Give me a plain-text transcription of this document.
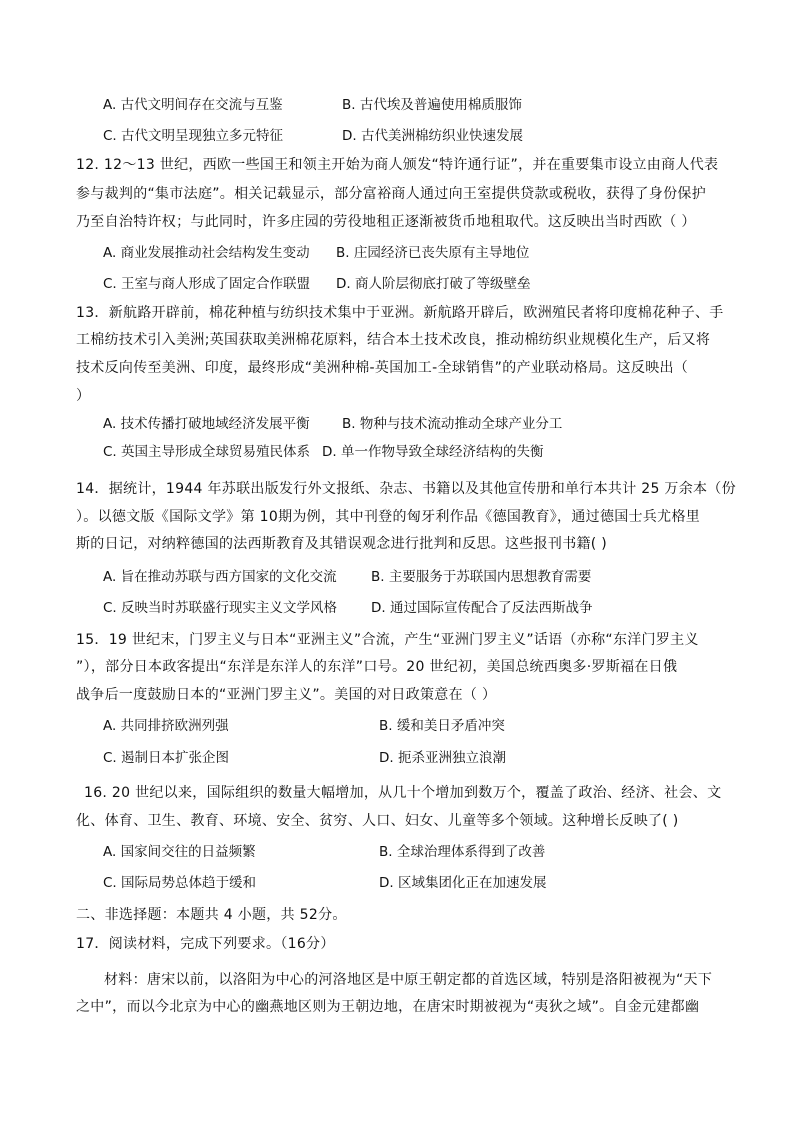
A. 古代文明间存在交流与互鉴	B. 古代埃及普遍使用棉质服饰
C. 古代文明呈现独立多元特征	D. 古代美洲棉纺织业快速发展
12. 12～13 世纪，西欧一些国王和领主开始为商人颁发“特许通行证”，并在重要集市设立由商人代表
参与裁判的“集市法庭”。相关记载显示，部分富裕商人通过向王室提供贷款或税收，获得了身份保护
乃至自治特许权；与此同时，许多庄园的劳役地租正逐渐被货币地租取代。这反映出当时西欧（ ）
A. 商业发展推动社会结构发生变动 B. 庄园经济已丧失原有主导地位
C. 王室与商人形成了固定合作联盟 D. 商人阶层彻底打破了等级壁垒
13．新航路开辟前，棉花种植与纺织技术集中于亚洲。新航路开辟后，欧洲殖民者将印度棉花种子、手
工棉纺技术引入美洲;英国获取美洲棉花原料，结合本土技术改良，推动棉纺织业规模化生产，后又将
技术反向传至美洲、印度，最终形成“美洲种棉-英国加工-全球销售”的产业联动格局。这反映出（
）
A. 技术传播打破地域经济发展平衡 B. 物种与技术流动推动全球产业分工
C. 英国主导形成全球贸易殖民体系 D. 单一作物导致全球经济结构的失衡
14．据统计，1944 年苏联出版发行外文报纸、杂志、书籍以及其他宣传册和单行本共计 25 万余本（份
）。以德文版《国际文学》第 10期为例，其中刊登的匈牙利作品《德国教育》，通过德国士兵尤格里
斯的日记，对纳粹德国的法西斯教育及其错误观念进行批判和反思。这些报刊书籍( )
A. 旨在推动苏联与西方国家的文化交流	B. 主要服务于苏联国内思想教育需要
C. 反映当时苏联盛行现实主义文学风格	D. 通过国际宣传配合了反法西斯战争
15．19 世纪末，门罗主义与日本“亚洲主义”合流，产生“亚洲门罗主义”话语（亦称“东洋门罗主义
”），部分日本政客提出“东洋是东洋人的东洋”口号。20 世纪初，美国总统西奥多·罗斯福在日俄
战争后一度鼓励日本的“亚洲门罗主义”。美国的对日政策意在（ ）
A. 共同排挤欧洲列强	B. 缓和美日矛盾冲突
C. 遏制日本扩张企图	D. 扼杀亚洲独立浪潮
16. 20 世纪以来，国际组织的数量大幅增加，从几十个增加到数万个，覆盖了政治、经济、社会、文
化、体育、卫生、教育、环境、安全、贫穷、人口、妇女、儿童等多个领域。这种增长反映了( )
A. 国家间交往的日益频繁	B. 全球治理体系得到了改善
C. 国际局势总体趋于缓和	D. 区域集团化正在加速发展
二、非选择题：本题共 4 小题，共 52分。
17．阅读材料，完成下列要求。（16分）
材料：唐宋以前，以洛阳为中心的河洛地区是中原王朝定都的首选区域，特别是洛阳被视为“天下
之中”，而以今北京为中心的幽燕地区则为王朝边地，在唐宋时期被视为“夷狄之域”。自金元建都幽
